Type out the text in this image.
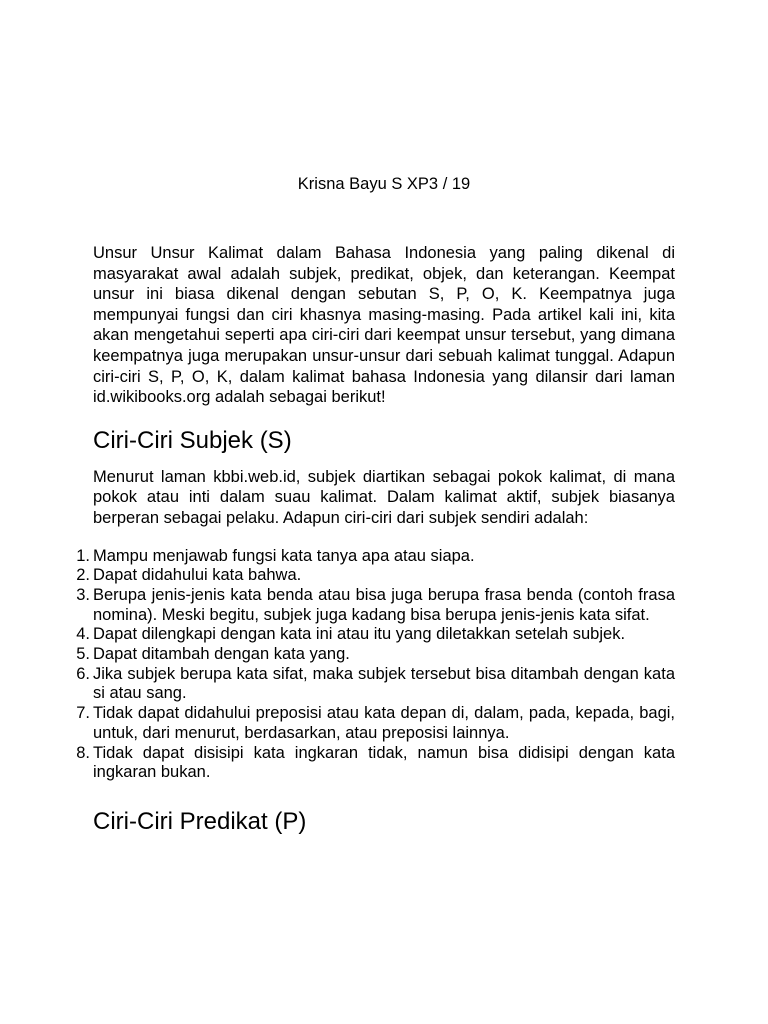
Krisna Bayu S XP3 / 19

Unsur Unsur Kalimat dalam Bahasa Indonesia yang paling dikenal di masyarakat awal adalah subjek, predikat, objek, dan keterangan. Keempat unsur ini biasa dikenal dengan sebutan S, P, O, K. Keempatnya juga mempunyai fungsi dan ciri khasnya masing-masing. Pada artikel kali ini, kita akan mengetahui seperti apa ciri-ciri dari keempat unsur tersebut, yang dimana keempatnya juga merupakan unsur-unsur dari sebuah kalimat tunggal. Adapun ciri-ciri S, P, O, K, dalam kalimat bahasa Indonesia yang dilansir dari laman id.wikibooks.org adalah sebagai berikut!

Ciri-Ciri Subjek (S)

Menurut laman kbbi.web.id, subjek diartikan sebagai pokok kalimat, di mana pokok atau inti dalam suau kalimat. Dalam kalimat aktif, subjek biasanya berperan sebagai pelaku. Adapun ciri-ciri dari subjek sendiri adalah:

1. Mampu menjawab fungsi kata tanya apa atau siapa.
2. Dapat didahului kata bahwa.
3. Berupa jenis-jenis kata benda atau bisa juga berupa frasa benda (contoh frasa nomina). Meski begitu, subjek juga kadang bisa berupa jenis-jenis kata sifat.
4. Dapat dilengkapi dengan kata ini atau itu yang diletakkan setelah subjek.
5. Dapat ditambah dengan kata yang.
6. Jika subjek berupa kata sifat, maka subjek tersebut bisa ditambah dengan kata si atau sang.
7. Tidak dapat didahului preposisi atau kata depan di, dalam, pada, kepada, bagi, untuk, dari menurut, berdasarkan, atau preposisi lainnya.
8. Tidak dapat disisipi kata ingkaran tidak, namun bisa didisipi dengan kata ingkaran bukan.
Ciri-Ciri Predikat (P)
